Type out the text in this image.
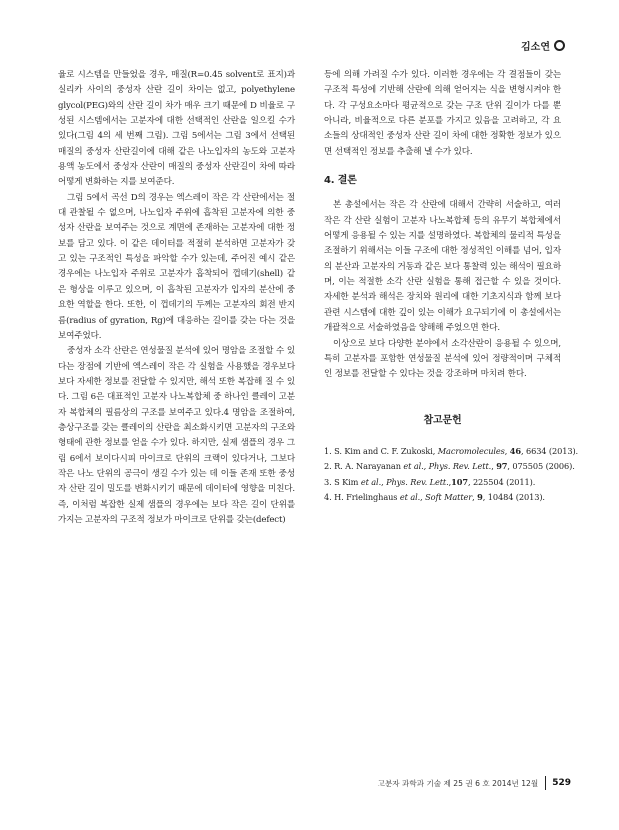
김소연

율로 시스템을 만들었을 경우, 매질(R=0.45 solvent로 표지)과 실리카 사이의 중성자 산란 길이 차이는 없고, polyethylene glycol(PEG)와의 산란 길이 차가 매우 크기 때문에 D 비율로 구성된 시스템에서는 고분자에 대한 선택적인 산란을 일으킬 수가 있다(그림 4의 세 번째 그림). 그림 5에서는 그림 3에서 선택된 매질의 중성자 산란길이에 대해 같은 나노입자의 농도와 고분자 용액 농도에서 중성자 산란이 매질의 중성자 산란길이 차에 따라 어떻게 변화하는 지를 보여준다.

그림 5에서 곡선 D의 경우는 엑스레이 작은 각 산란에서는 절대 관찰될 수 없으며, 나노입자 주위에 흡착된 고분자에 의한 중성자 산란을 보여주는 것으로 계면에 존재하는 고분자에 대한 정보를 담고 있다. 이 같은 데이터를 적절히 분석하면 고분자가 갖고 있는 구조적인 특성을 파악할 수가 있는데, 주어진 예시 같은 경우에는 나노입자 주위로 고분자가 흡착되어 껍데기(shell) 같은 형상을 이루고 있으며, 이 흡착된 고분자가 입자의 분산에 중요한 역할을 한다. 또한, 이 껍데기의 두께는 고분자의 회전 반지름(radius of gyration, Rg)에 대응하는 길이를 갖는 다는 것을 보여주었다.

중성자 소각 산란은 연성물질 분석에 있어 명암을 조절할 수 있다는 장점에 기반에 엑스레이 작은 각 실험을 사용했을 경우보다 보다 자세한 정보를 전달할 수 있지만, 해석 또한 복잡해 질 수 있다. 그림 6은 대표적인 고분자 나노복합체 중 하나인 클레이 고분자 복합체의 필름상의 구조를 보여주고 있다.4 명암을 조절하여, 층상구조를 갖는 클레이의 산란을 최소화시키면 고분자의 구조와 형태에 관한 정보를 얻을 수가 있다. 하지만, 실제 샘플의 경우 그림 6에서 보이다시피 마이크로 단위의 크랙이 있다거나, 그보다 작은 나노 단위의 공극이 생길 수가 있는 데 이들 존재 또한 중성자 산란 길이 밀도를 변화시키기 때문에 데이터에 영향을 미친다. 즉, 이처럼 복잡한 실제 샘플의 경우에는 보다 작은 길이 단위를 가지는 고분자의 구조적 정보가 마이크로 단위를 갖는(defect)

등에 의해 가려질 수가 있다. 이러한 경우에는 각 결점들이 갖는 구조적 특성에 기반해 산란에 의해 얻어지는 식을 변형시켜야 한다. 각 구성요소마다 평균적으로 갖는 구조 단위 길이가 다를 뿐 아니라, 비율적으로 다른 분포를 가지고 있음을 고려하고, 각 요소들의 상대적인 중성자 산란 길이 차에 대한 정확한 정보가 있으면 선택적인 정보를 추출해 낼 수가 있다.

4. 결론

본 총설에서는 작은 각 산란에 대해서 간략히 서술하고, 여러 작은 각 산란 실험이 고분자 나노복합체 등의 유무기 복합체에서 어떻게 응용될 수 있는 지를 설명하였다. 복합체의 물리적 특성을 조절하기 위해서는 이들 구조에 대한 정성적인 이해를 넘어, 입자의 분산과 고분자의 거동과 같은 보다 통찰력 있는 해석이 필요하며, 이는 적절한 소각 산란 실험을 통해 접근할 수 있을 것이다. 자세한 분석과 해석은 장치와 원리에 대한 기초지식과 함께 보다 관련 시스템에 대한 깊이 있는 이해가 요구되기에 이 총설에서는 개괄적으로 서술하였음을 양해해 주었으면 한다.

이상으로 보다 다양한 분야에서 소각산란이 응용될 수 있으며, 특히 고분자를 포함한 연성물질 분석에 있어 정량적이며 구체적인 정보를 전달할 수 있다는 것을 강조하며 마치려 한다.

참고문헌
1. S. Kim and C. F. Zukoski, Macromolecules, 46, 6634 (2013).
2. R. A. Narayanan et al., Phys. Rev. Lett., 97, 075505 (2006).
3. S Kim et al., Phys. Rev. Lett.,107, 225504 (2011).
4. H. Frielinghaus et al., Soft Matter, 9, 10484 (2013).
고분자 과학과 기술 제 25 권 6 호 2014년 12월 529
